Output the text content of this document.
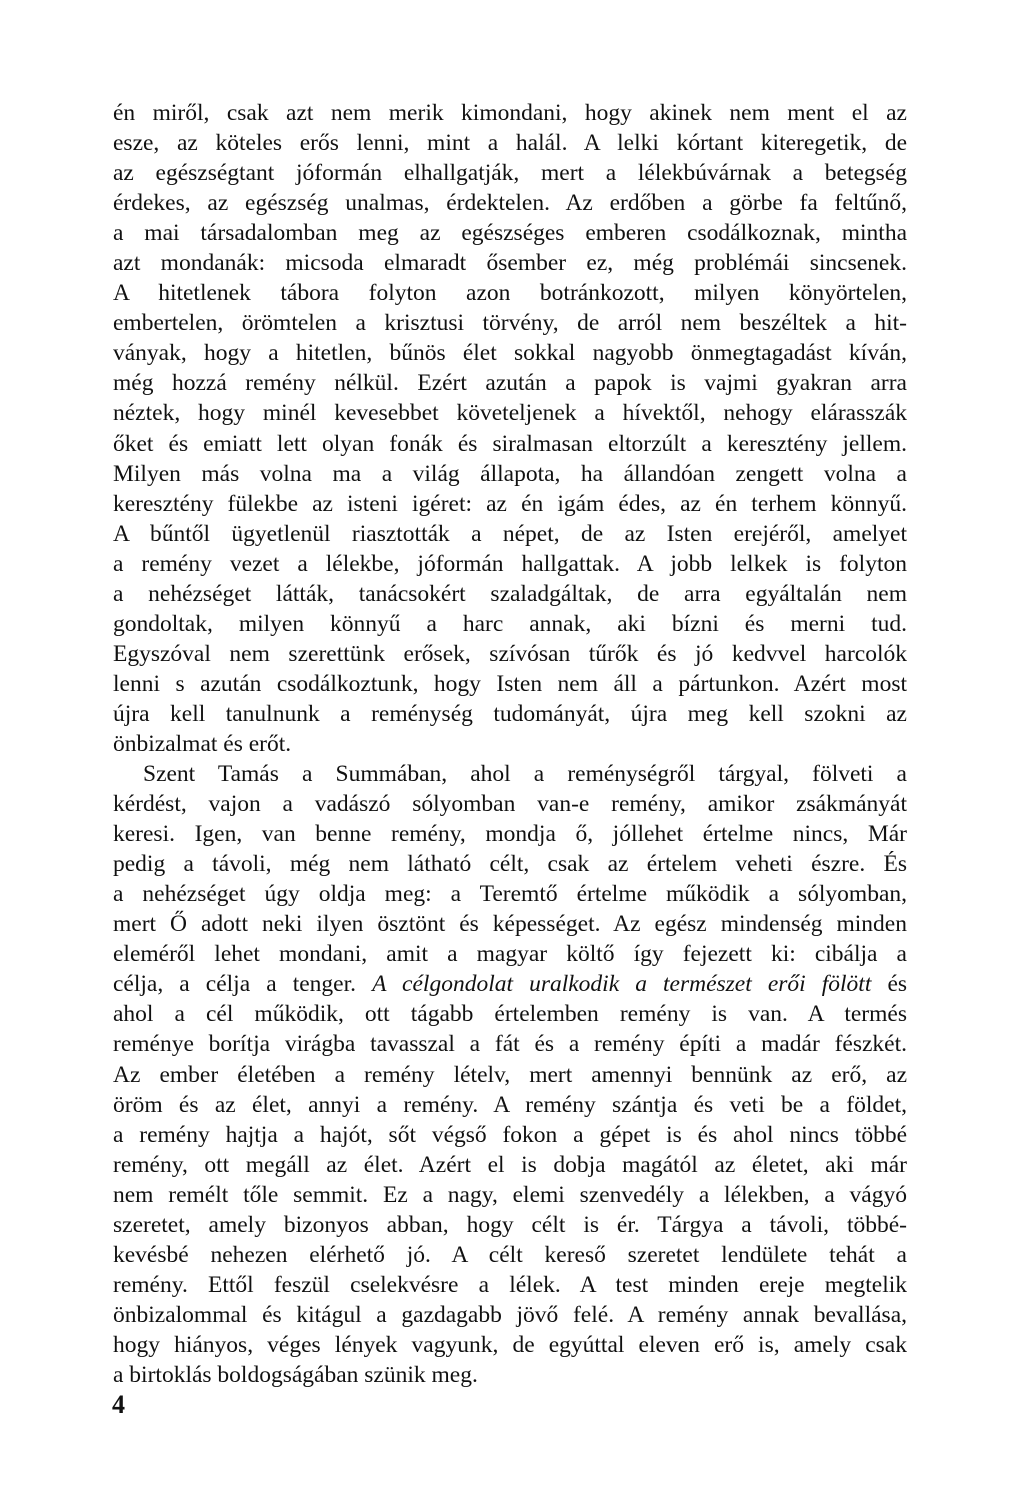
én miről, csak azt nem merik kimondani, hogy akinek nem ment el az
esze, az köteles erős lenni, mint a halál. A lelki kórtant kiteregetik, de
az egészségtant jóformán elhallgatják, mert a lélekbúvárnak a betegség
érdekes, az egészség unalmas, érdektelen. Az erdőben a görbe fa feltűnő,
a mai társadalomban meg az egészséges emberen csodálkoznak, mintha
azt mondanák: micsoda elmaradt ősember ez, még problémái sincsenek.
A hitetlenek tábora folyton azon botránkozott, milyen könyörtelen,
embertelen, örömtelen a krisztusi törvény, de arról nem beszéltek a hit-
ványak, hogy a hitetlen, bűnös élet sokkal nagyobb önmegtagadást kíván,
még hozzá remény nélkül. Ezért azután a papok is vajmi gyakran arra
néztek, hogy minél kevesebbet követeljenek a hívektől, nehogy elárasszák
őket és emiatt lett olyan fonák és siralmasan eltorzúlt a keresztény jellem.
Milyen más volna ma a világ állapota, ha állandóan zengett volna a
keresztény fülekbe az isteni igéret: az én igám édes, az én terhem könnyű.
A bűntől ügyetlenül riasztották a népet, de az Isten erejéről, amelyet
a remény vezet a lélekbe, jóformán hallgattak. A jobb lelkek is folyton
a nehézséget látták, tanácsokért szaladgáltak, de arra egyáltalán nem
gondoltak, milyen könnyű a harc annak, aki bízni és merni tud.
Egyszóval nem szerettünk erősek, szívósan tűrők és jó kedvvel harcolók
lenni s azután csodálkoztunk, hogy Isten nem áll a pártunkon. Azért most
újra kell tanulnunk a reménység tudományát, újra meg kell szokni az
önbizalmat és erőt.
Szent Tamás a Summában, ahol a reménységről tárgyal, fölveti a
kérdést, vajon a vadászó sólyomban van-e remény, amikor zsákmányát
keresi. Igen, van benne remény, mondja ő, jóllehet értelme nincs, Már
pedig a távoli, még nem látható célt, csak az értelem veheti észre. És
a nehézséget úgy oldja meg: a Teremtő értelme működik a sólyomban,
mert Ő adott neki ilyen ösztönt és képességet. Az egész mindenség minden
eleméről lehet mondani, amit a magyar költő így fejezett ki: cibálja a
célja, a célja a tenger. A célgondolat uralkodik a természet erői fölött és
ahol a cél működik, ott tágabb értelemben remény is van. A termés
reménye borítja virágba tavasszal a fát és a remény építi a madár fészkét.
Az ember életében a remény lételv, mert amennyi bennünk az erő, az
öröm és az élet, annyi a remény. A remény szántja és veti be a földet,
a remény hajtja a hajót, sőt végső fokon a gépet is és ahol nincs többé
remény, ott megáll az élet. Azért el is dobja magától az életet, aki már
nem remélt tőle semmit. Ez a nagy, elemi szenvedély a lélekben, a vágyó
szeretet, amely bizonyos abban, hogy célt is ér. Tárgya a távoli, többé-
kevésbé nehezen elérhető jó. A célt kereső szeretet lendülete tehát a
remény. Ettől feszül cselekvésre a lélek. A test minden ereje megtelik
önbizalommal és kitágul a gazdagabb jövő felé. A remény annak bevallása,
hogy hiányos, véges lények vagyunk, de egyúttal eleven erő is, amely csak
a birtoklás boldogságában szünik meg.
4
